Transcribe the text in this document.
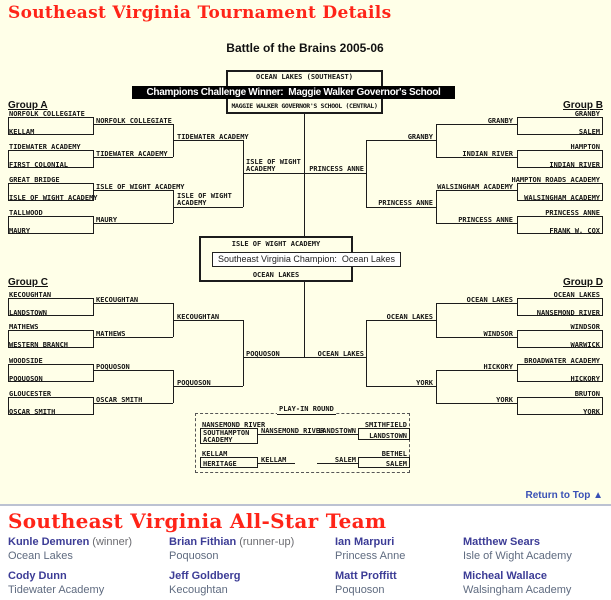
Southeast Virginia Tournament Details
Battle of the Brains 2005-06
OCEAN LAKES (SOUTHEAST)
Champions Challenge Winner:  Maggie Walker Governor's School
MAGGIE WALKER GOVERNOR'S SCHOOL (CENTRAL)
Group A	Group B
Group C	Group D
NORFOLK COLLEGIATE
KELLAM
TIDEWATER ACADEMY
FIRST COLONIAL
GREAT BRIDGE
ISLE OF WIGHT ACADEMY
TALLWOOD
MAURY
NORFOLK COLLEGIATE
TIDEWATER ACADEMY
ISLE OF WIGHT ACADEMY
MAURY
TIDEWATER ACADEMY
ISLE OF WIGHT ACADEMY
GRANBY
SALEM
HAMPTON
INDIAN RIVER
HAMPTON ROADS ACADEMY
WALSINGHAM ACADEMY
PRINCESS ANNE
FRANK W. COX
GRANBY
INDIAN RIVER
WALSINGHAM ACADEMY
PRINCESS ANNE
GRANBY
PRINCESS ANNE
ISLE OF WIGHT ACADEMY	PRINCESS ANNE
ISLE OF WIGHT ACADEMY
Southeast Virginia Champion:  Ocean Lakes
OCEAN LAKES
POQUOSON	OCEAN LAKES
KECOUGHTAN
LANDSTOWN
MATHEWS
WESTERN BRANCH
WOODSIDE
POQUOSON
GLOUCESTER
OSCAR SMITH
KECOUGHTAN
MATHEWS
POQUOSON
OSCAR SMITH
KECOUGHTAN
POQUOSON
OCEAN LAKES
NANSEMOND RIVER
WINDSOR
WARWICK
BROADWATER ACADEMY
HICKORY
BRUTON
YORK
OCEAN LAKES
WINDSOR
HICKORY
YORK
OCEAN LAKES
YORK
PLAY-IN ROUND
NANSEMOND RIVER
SOUTHAMPTON ACADEMY
NANSEMOND RIVER
SMITHFIELD
LANDSTOWN
LANDSTOWN
KELLAM
HERITAGE	KELLAM
BETHEL
SALEM
SALEM
Return to Top ▲
Southeast Virginia All-Star Team
Kunle Demuren (winner)
Ocean Lakes
Brian Fithian (runner-up)
Poquoson
Ian Marpuri
Princess Anne
Matthew Sears
Isle of Wight Academy
Cody Dunn
Tidewater Academy
Jeff Goldberg
Kecoughtan
Matt Proffitt
Poquoson
Micheal Wallace
Walsingham Academy
